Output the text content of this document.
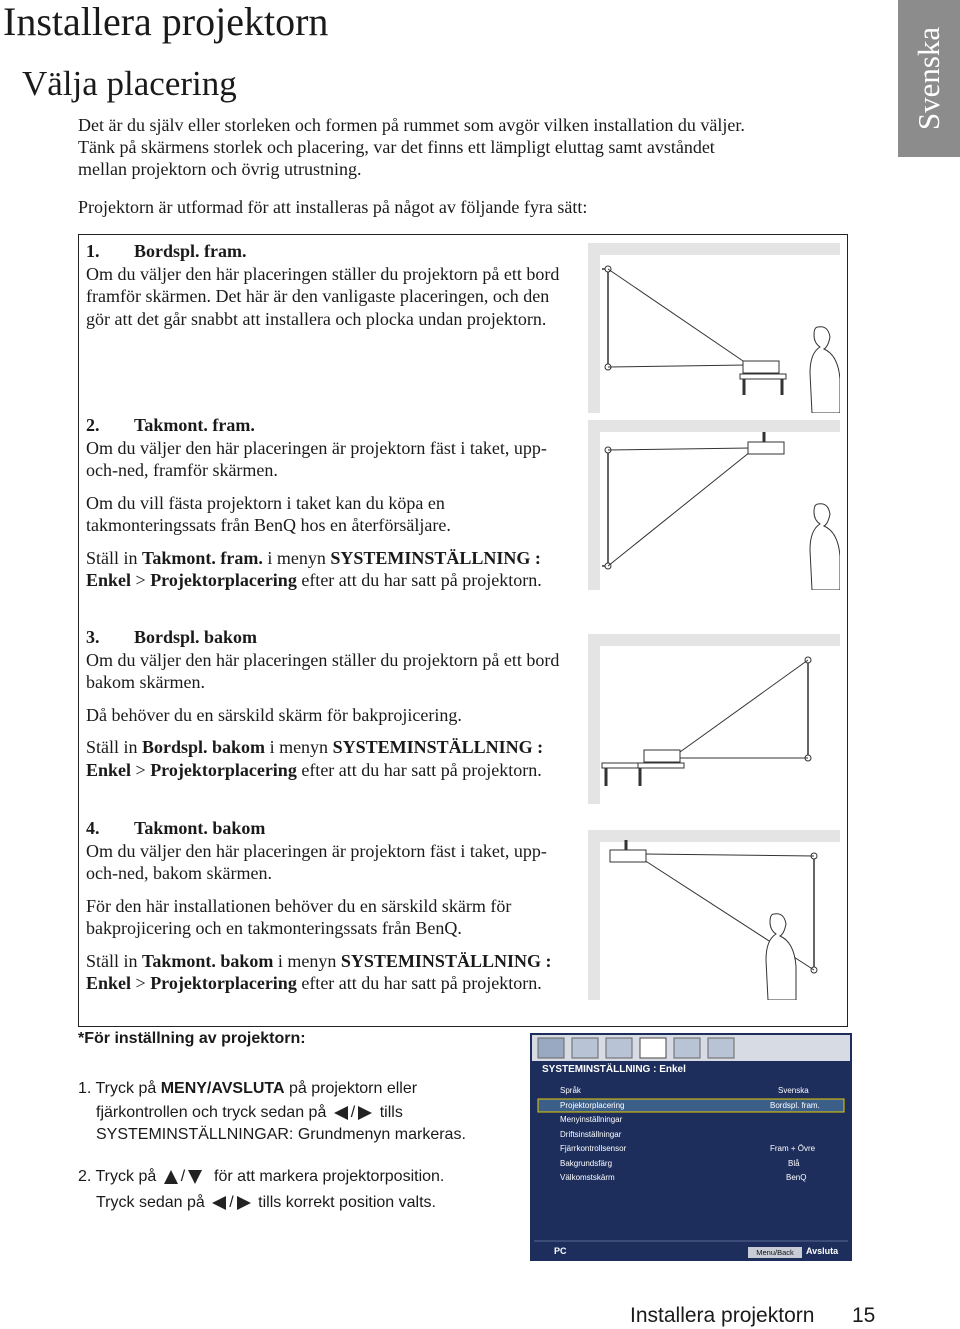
Installera projektorn
Välja placering	Svenska
Det är du själv eller storleken och formen på rummet som avgör vilken installation du väljer.
Tänk på skärmens storlek och placering, var det finns ett lämpligt eluttag samt avståndet
mellan projektorn och övrig utrustning.
Projektorn är utformad för att installeras på något av följande fyra sätt:
1. Bordspl. fram.
Om du väljer den här placeringen ställer du projektorn på ett bord framför skärmen. Det här är den vanligaste placeringen, och den gör att det går snabbt att installera och plocka undan projektorn.
2. Takmont. fram.
Om du väljer den här placeringen är projektorn fäst i taket, upp-och-ned, framför skärmen.
Om du vill fästa projektorn i taket kan du köpa en takmonteringssats från BenQ hos en återförsäljare.
Ställ in Takmont. fram. i menyn SYSTEMINSTÄLLNING : Enkel > Projektorplacering efter att du har satt på projektorn.
3. Bordspl. bakom
Om du väljer den här placeringen ställer du projektorn på ett bord bakom skärmen.
Då behöver du en särskild skärm för bakprojicering.
Ställ in Bordspl. bakom i menyn SYSTEMINSTÄLLNING : Enkel > Projektorplacering efter att du har satt på projektorn.
4. Takmont. bakom
Om du väljer den här placeringen är projektorn fäst i taket, upp-och-ned, bakom skärmen.
För den här installationen behöver du en särskild skärm för bakprojicering och en takmonteringssats från BenQ.
Ställ in Takmont. bakom i menyn SYSTEMINSTÄLLNING : Enkel > Projektorplacering efter att du har satt på projektorn.
*För inställning av projektorn:
1. Tryck på MENY/AVSLUTA på projektorn eller
fjärkontrollen och tryck sedan på / tills
SYSTEMINSTÄLLNINGAR: Grundmenyn markeras.
2. Tryck på / för att markera projektorposition.
Tryck sedan på / tills korrekt position valts.
SYSTEMINSTÄLLNING : Enkel
Språk	Svenska
Projektorplacering	Bordspl. fram.
Menyinställningar
Driftsinställningar
Fjärrkontrollsensor	Fram + Övre
Bakgrundsfärg	Blå
Välkomstskärm	BenQ
PC	Menu/Back	Avsluta
Installera projektorn 15
